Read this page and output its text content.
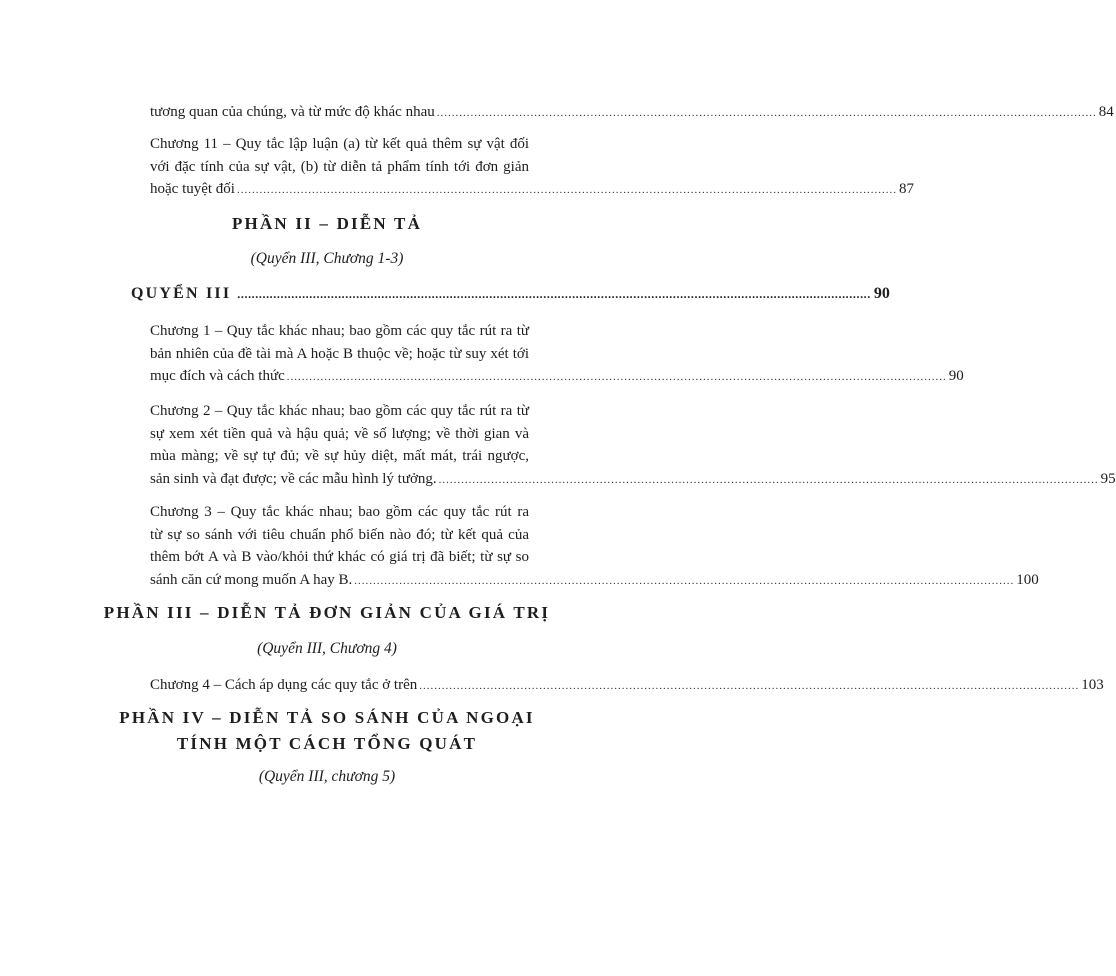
tương quan của chúng, và từ mức độ khác nhau ................................................................................................................................................................................ 84
Chương 11 – Quy tắc lập luận (a) từ kết quả thêm sự vật đối
với đặc tính của sự vật, (b) từ diễn tả phẩm tính tới đơn giản
hoặc tuyệt đối ................................................................................................................................................................................ 87
PHẦN II – DIỄN TẢ
(Quyển III, Chương 1-3)
QUYỂN III ................................................................................................................................................................................ 90
Chương 1 – Quy tắc khác nhau; bao gồm các quy tắc rút ra từ
bản nhiên của đề tài mà A hoặc B thuộc về; hoặc từ suy xét tới
mục đích và cách thức ................................................................................................................................................................................ 90
Chương 2 – Quy tắc khác nhau; bao gồm các quy tắc rút ra từ
sự xem xét tiền quả và hậu quả; về số lượng; về thời gian và
mùa màng; về sự tự đủ; về sự hủy diệt, mất mát, trái ngược,
sản sinh và đạt được; về các mẫu hình lý tưởng. ................................................................................................................................................................................ 95
Chương 3 – Quy tắc khác nhau; bao gồm các quy tắc rút ra
từ sự so sánh với tiêu chuẩn phổ biến nào đó; từ kết quả của
thêm bớt A và B vào/khỏi thứ khác có giá trị đã biết; từ sự so
sánh căn cứ mong muốn A hay B. ................................................................................................................................................................................ 100
PHẦN III – DIỄN TẢ ĐƠN GIẢN CỦA GIÁ TRỊ
(Quyển III, Chương 4)
Chương 4 – Cách áp dụng các quy tắc ở trên ................................................................................................................................................................................ 103
PHẦN IV – DIỄN TẢ SO SÁNH CỦA NGOẠI
TÍNH MỘT CÁCH TỔNG QUÁT
(Quyển III, chương 5)
